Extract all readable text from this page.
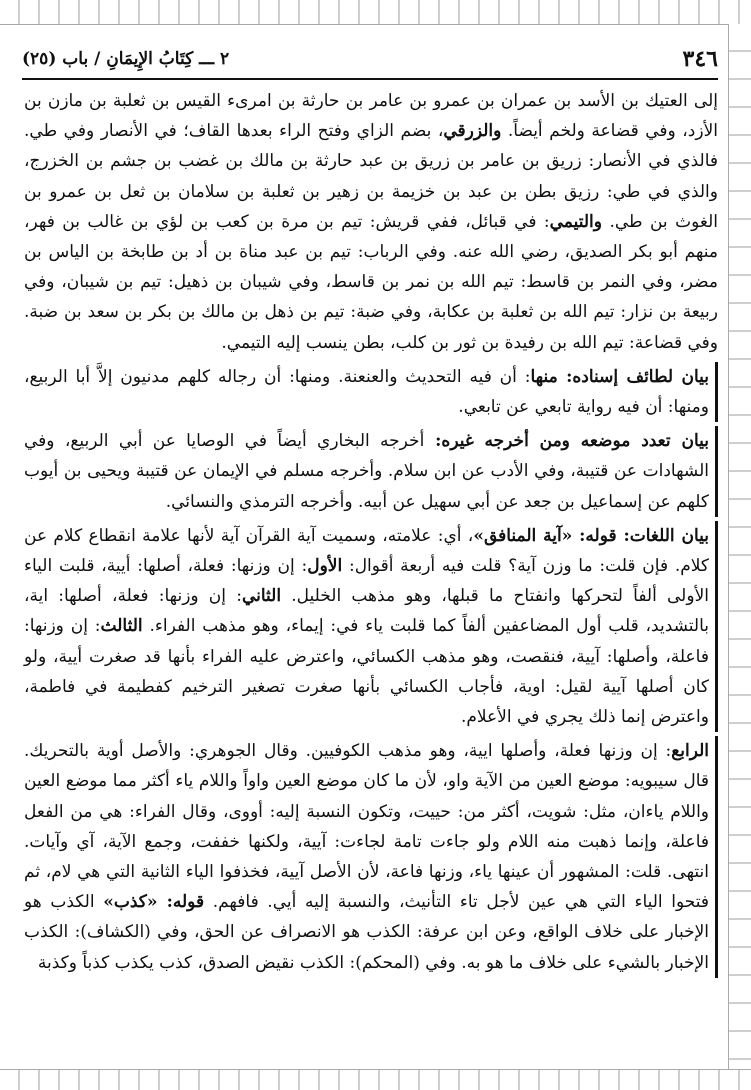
٣٤٦
٢ ـــ كِتَابُ الإِيمَانِ / باب (٢٥)

إلى العتيك بن الأسد بن عمران بن عمرو بن عامر بن حارثة بن امرىء القيس بن ثعلبة بن مازن بن الأزد، وفي قضاعة ولخم أيضاً. والزرقي، بضم الزاي وفتح الراء بعدها القاف؛ في الأنصار وفي طي. فالذي في الأنصار: زريق بن عامر بن زريق بن عبد حارثة بن مالك بن غضب بن جشم بن الخزرج، والذي في طي: رزيق بطن بن عبد بن خزيمة بن زهير بن ثعلبة بن سلامان بن ثعل بن عمرو بن الغوث بن طي. والتيمي: في قبائل، ففي قريش: تيم بن مرة بن كعب بن لؤي بن غالب بن فهر، منهم أبو بكر الصديق، رضي الله عنه. وفي الرباب: تيم بن عبد مناة بن أد بن طابخة بن الياس بن مضر، وفي النمر بن قاسط: تيم الله بن نمر بن قاسط، وفي شيبان بن ذهيل: تيم بن شيبان، وفي ربيعة بن نزار: تيم الله بن ثعلبة بن عكابة، وفي ضبة: تيم بن ذهل بن مالك بن بكر بن سعد بن ضبة. وفي قضاعة: تيم الله بن رفيدة بن ثور بن كلب، بطن ينسب إليه التيمي.

بيان لطائف إسناده: منها: أن فيه التحديث والعنعنة. ومنها: أن رجاله كلهم مدنيون إلاَّ أبا الربيع، ومنها: أن فيه رواية تابعي عن تابعي.

بيان تعدد موضعه ومن أخرجه غيره: أخرجه البخاري أيضاً في الوصايا عن أبي الربيع، وفي الشهادات عن قتيبة، وفي الأدب عن ابن سلام. وأخرجه مسلم في الإيمان عن قتيبة ويحيى بن أيوب كلهم عن إسماعيل بن جعد عن أبي سهيل عن أبيه. وأخرجه الترمذي والنسائي.

بيان اللغات: قوله: «آية المنافق»، أي: علامته، وسميت آية القرآن آية لأنها علامة انقطاع كلام عن كلام. فإن قلت: ما وزن آية؟ قلت فيه أربعة أقوال: الأول: إن وزنها: فعلة، أصلها: أيية، قلبت الياء الأولى ألفاً لتحركها وانفتاح ما قبلها، وهو مذهب الخليل. الثاني: إن وزنها: فعلة، أصلها: اية، بالتشديد، قلب أول المضاعفين ألفاً كما قلبت ياء في: إيماء، وهو مذهب الفراء. الثالث: إن وزنها: فاعلة، وأصلها: آيية، فنقصت، وهو مذهب الكسائي، واعترض عليه الفراء بأنها قد صغرت أيية، ولو كان أصلها آيية لقيل: اوية، فأجاب الكسائي بأنها صغرت تصغير الترخيم كفطيمة في فاطمة، واعترض إنما ذلك يجري في الأعلام.

الرابع: إن وزنها فعلة، وأصلها ايية، وهو مذهب الكوفيين. وقال الجوهري: والأصل أوية بالتحريك. قال سيبويه: موضع العين من الآية واو، لأن ما كان موضع العين واواً واللام ياء أكثر مما موضع العين واللام ياءان، مثل: شويت، أكثر من: حييت، وتكون النسبة إليه: أووى، وقال الفراء: هي من الفعل فاعلة، وإنما ذهبت منه اللام ولو جاءت تامة لجاءت: آيية، ولكنها خففت، وجمع الآية، آي وآيات. انتهى. قلت: المشهور أن عينها ياء، وزنها فاعة، لأن الأصل آيية، فخذفوا الياء الثانية التي هي لام، ثم فتحوا الياء التي هي عين لأجل تاء التأنيث، والنسبة إليه أيي. فافهم. قوله: «كذب» الكذب هو الإخبار على خلاف الواقع، وعن ابن عرفة: الكذب هو الانصراف عن الحق، وفي (الكشاف): الكذب الإخبار بالشيء على خلاف ما هو به. وفي (المحكم): الكذب نقيض الصدق، كذب يكذب كذباً وكذبة
